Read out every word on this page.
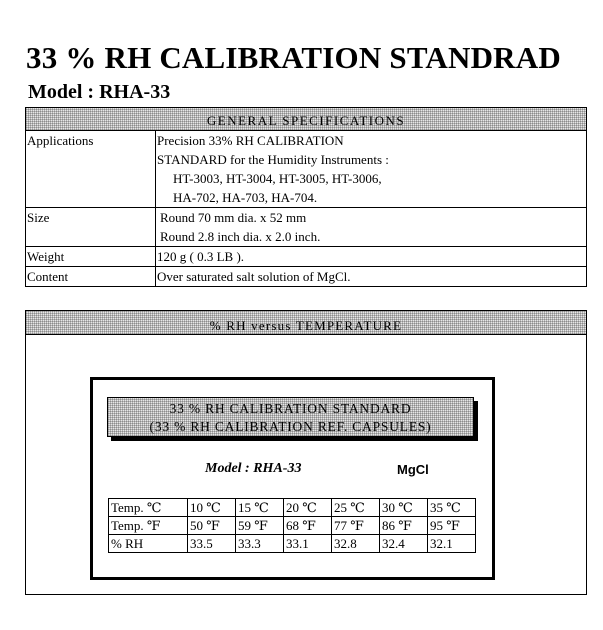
33 % RH CALIBRATION STANDRAD
Model : RHA-33
GENERAL SPECIFICATIONS
Applications	Precision 33% RH CALIBRATION
STANDARD for the Humidity Instruments :
HT-3003, HT-3004, HT-3005, HT-3006,
HA-702, HA-703, HA-704.

Size	Round 70 mm dia. x 52 mm
Round 2.8 inch dia. x 2.0 inch.

Weight	120 g ( 0.3 LB ).
Content	Over saturated salt solution of MgCl.
% RH versus TEMPERATURE
33 % RH CALIBRATION STANDARD
(33 % RH CALIBRATION REF. CAPSULES)
Model : RHA-33	MgCl
Temp. ℃	10 ℃	15 ℃	20 ℃	25 ℃	30 ℃	35 ℃
Temp. ℉	50 ℉	59 ℉	68 ℉	77 ℉	86 ℉	95 ℉
% RH	33.5	33.3	33.1	32.8	32.4	32.1
